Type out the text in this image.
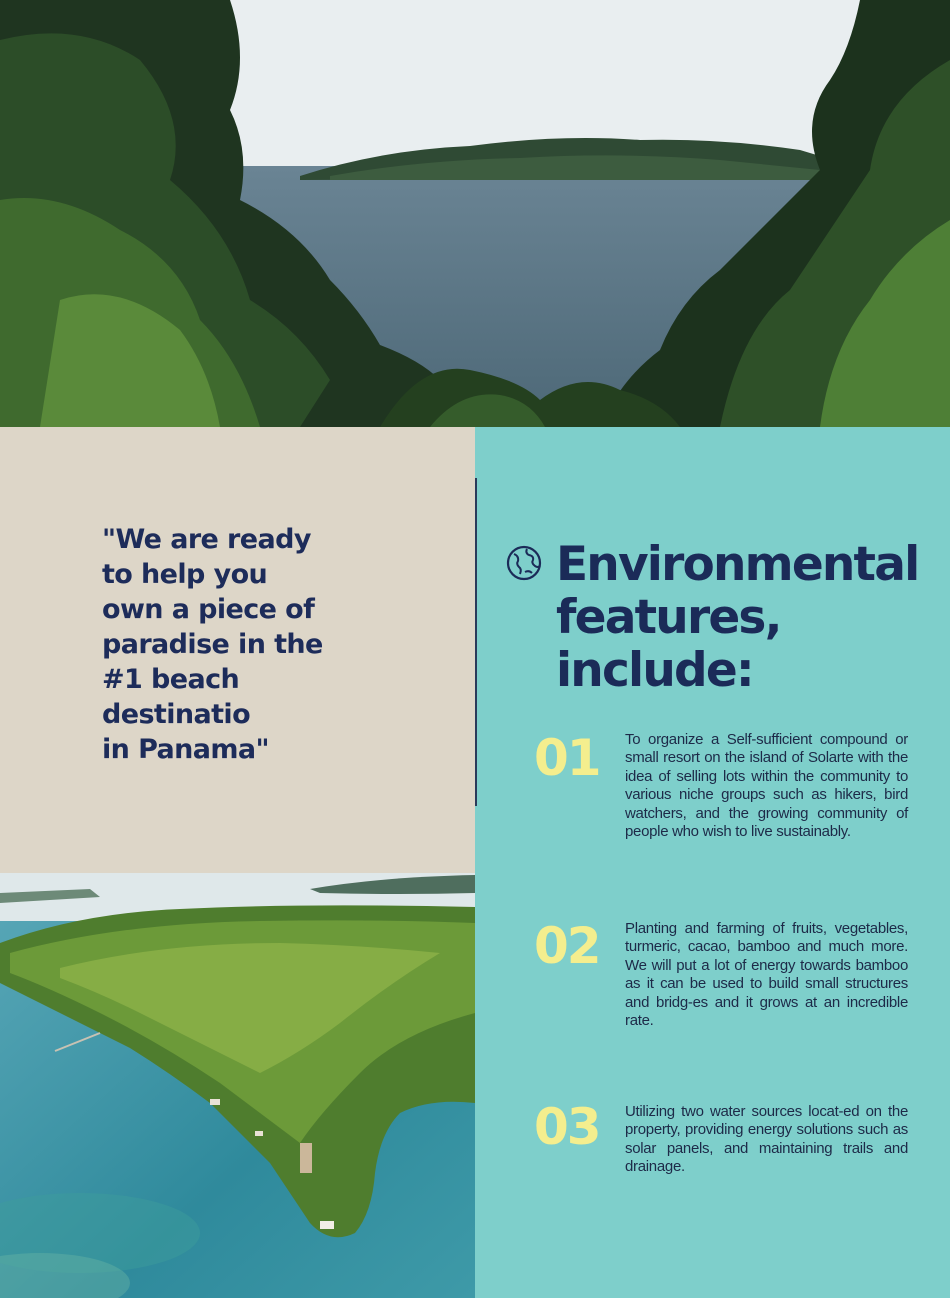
"We are ready
to help you
own a piece of
paradise in the
#1 beach
destinatio
in Panama"

Environmental
features,
include:
01	To organize a Self-sufficient compound or small resort on the island of Solarte with the idea of selling lots within the community to various niche groups such as hikers, bird watchers, and the growing community of people who wish to live sustainably.

02	Planting and farming of fruits, vegetables, turmeric, cacao, bamboo and much more. We will put a lot of energy towards bamboo as it can be used to build small structures and bridg-es and it grows at an incredible rate.

03	Utilizing two water sources locat-ed on the property, providing energy solutions such as solar panels, and maintaining trails and drainage.
